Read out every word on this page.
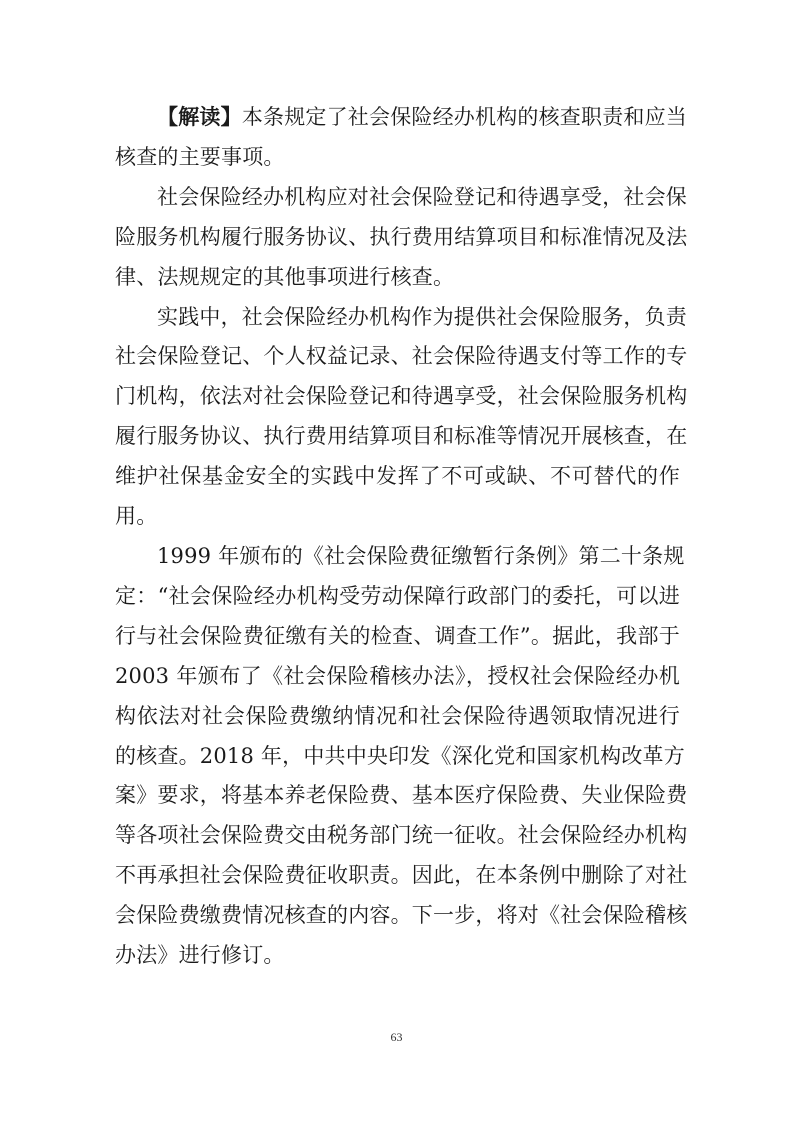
【解读】本条规定了社会保险经办机构的核查职责和应当
核查的主要事项。
社会保险经办机构应对社会保险登记和待遇享受，社会保
险服务机构履行服务协议、执行费用结算项目和标准情况及法
律、法规规定的其他事项进行核查。
实践中，社会保险经办机构作为提供社会保险服务，负责
社会保险登记、个人权益记录、社会保险待遇支付等工作的专
门机构，依法对社会保险登记和待遇享受，社会保险服务机构
履行服务协议、执行费用结算项目和标准等情况开展核查，在
维护社保基金安全的实践中发挥了不可或缺、不可替代的作
用。
1999 年颁布的《社会保险费征缴暂行条例》第二十条规
定：“社会保险经办机构受劳动保障行政部门的委托，可以进
行与社会保险费征缴有关的检查、调查工作”。据此，我部于
2003 年颁布了《社会保险稽核办法》，授权社会保险经办机
构依法对社会保险费缴纳情况和社会保险待遇领取情况进行
的核查。2018 年，中共中央印发《深化党和国家机构改革方
案》要求，将基本养老保险费、基本医疗保险费、失业保险费
等各项社会保险费交由税务部门统一征收。社会保险经办机构
不再承担社会保险费征收职责。因此，在本条例中删除了对社
会保险费缴费情况核查的内容。下一步，将对《社会保险稽核
办法》进行修订。
63
